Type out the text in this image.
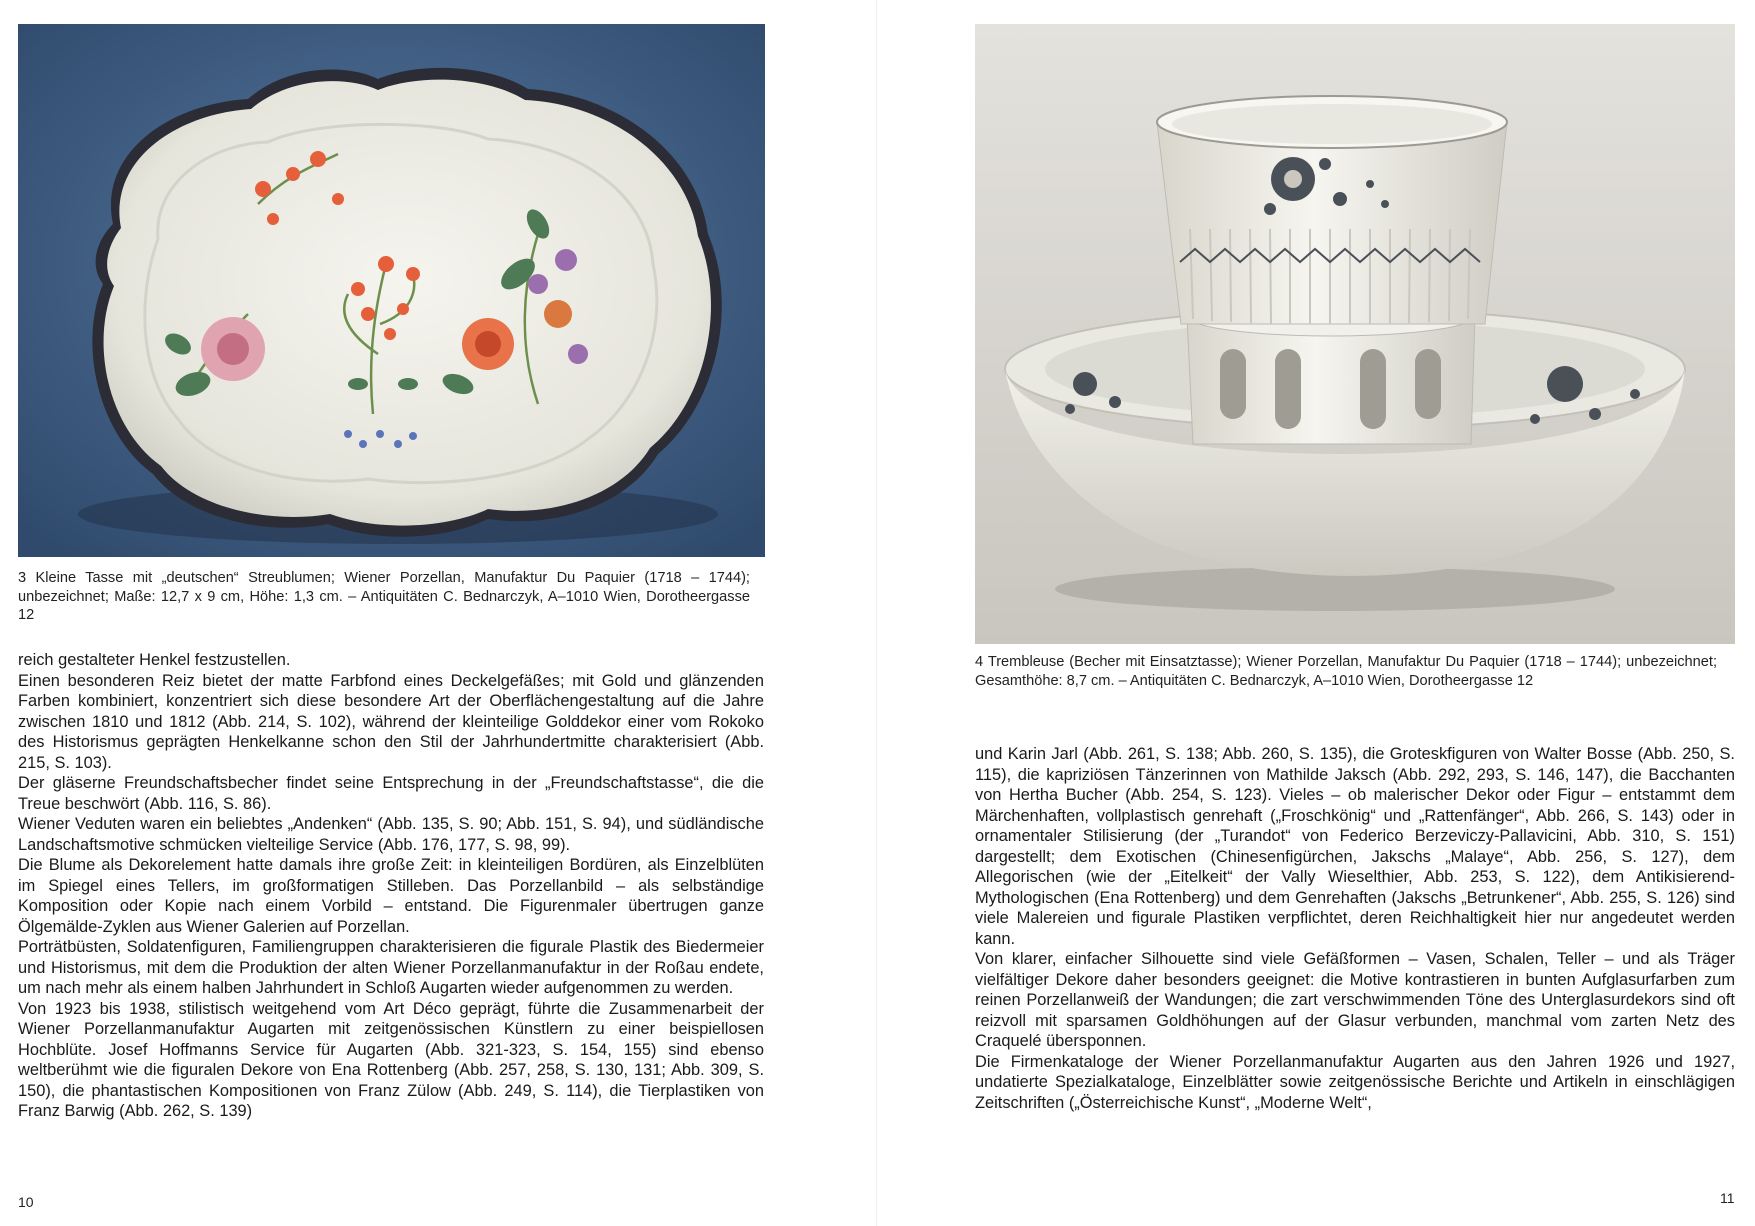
3 Kleine Tasse mit „deutschen“ Streublumen; Wiener Porzellan, Manufaktur Du Paquier (1718 – 1744); unbezeichnet; Maße: 12,7 x 9 cm, Höhe: 1,3 cm. – Antiquitäten C. Bednarczyk, A–1010 Wien, Dorotheergasse 12

reich gestalteter Henkel festzustellen.

Einen besonderen Reiz bietet der matte Farbfond eines Deckelgefäßes; mit Gold und glänzenden Farben kombiniert, konzentriert sich diese besondere Art der Oberflächengestaltung auf die Jahre zwischen 1810 und 1812 (Abb. 214, S. 102), während der kleinteilige Golddekor einer vom Rokoko des Historismus geprägten Henkelkanne schon den Stil der Jahrhundertmitte charakterisiert (Abb. 215, S. 103).

Der gläserne Freundschaftsbecher findet seine Entsprechung in der „Freundschaftstasse“, die die Treue beschwört (Abb. 116, S. 86).

Wiener Veduten waren ein beliebtes „Andenken“ (Abb. 135, S. 90; Abb. 151, S. 94), und südländische Landschaftsmotive schmücken vielteilige Service (Abb. 176, 177, S. 98, 99).

Die Blume als Dekorelement hatte damals ihre große Zeit: in kleinteiligen Bordüren, als Einzelblüten im Spiegel eines Tellers, im großformatigen Stilleben. Das Porzellanbild – als selbständige Komposition oder Kopie nach einem Vorbild – entstand. Die Figurenmaler übertrugen ganze Ölgemälde-Zyklen aus Wiener Galerien auf Porzellan.

Porträtbüsten, Soldatenfiguren, Familiengruppen charakterisieren die figurale Plastik des Biedermeier und Historismus, mit dem die Produktion der alten Wiener Porzellanmanufaktur in der Roßau endete, um nach mehr als einem halben Jahrhundert in Schloß Augarten wieder aufgenommen zu werden.

Von 1923 bis 1938, stilistisch weitgehend vom Art Déco geprägt, führte die Zusammenarbeit der Wiener Porzellanmanufaktur Augarten mit zeitgenössischen Künstlern zu einer beispiellosen Hochblüte. Josef Hoffmanns Service für Augarten (Abb. 321-323, S. 154, 155) sind ebenso weltberühmt wie die figuralen Dekore von Ena Rottenberg (Abb. 257, 258, S. 130, 131; Abb. 309, S. 150), die phantastischen Kompositionen von Franz Zülow (Abb. 249, S. 114), die Tierplastiken von Franz Barwig (Abb. 262, S. 139)

10

4 Trembleuse (Becher mit Einsatztasse); Wiener Porzellan, Manufaktur Du Paquier (1718 – 1744); unbezeichnet; Gesamthöhe: 8,7 cm. – Antiquitäten C. Bednarczyk, A–1010 Wien, Dorotheergasse 12

und Karin Jarl (Abb. 261, S. 138; Abb. 260, S. 135), die Groteskfiguren von Walter Bosse (Abb. 250, S. 115), die kapriziösen Tänzerinnen von Mathilde Jaksch (Abb. 292, 293, S. 146, 147), die Bacchanten von Hertha Bucher (Abb. 254, S. 123). Vieles – ob malerischer Dekor oder Figur – entstammt dem Märchenhaften, vollplastisch genrehaft („Froschkönig“ und „Rattenfänger“, Abb. 266, S. 143) oder in ornamentaler Stilisierung (der „Turandot“ von Federico Berzeviczy-Pallavicini, Abb. 310, S. 151) dargestellt; dem Exotischen (Chinesenfigürchen, Jakschs „Malaye“, Abb. 256, S. 127), dem Allegorischen (wie der „Eitelkeit“ der Vally Wieselthier, Abb. 253, S. 122), dem Antikisierend-Mythologischen (Ena Rottenberg) und dem Genrehaften (Jakschs „Betrunkener“, Abb. 255, S. 126) sind viele Malereien und figurale Plastiken verpflichtet, deren Reichhaltigkeit hier nur angedeutet werden kann.

Von klarer, einfacher Silhouette sind viele Gefäßformen – Vasen, Schalen, Teller – und als Träger vielfältiger Dekore daher besonders geeignet: die Motive kontrastieren in bunten Aufglasurfarben zum reinen Porzellanweiß der Wandungen; die zart verschwimmenden Töne des Unterglasurdekors sind oft reizvoll mit sparsamen Goldhöhungen auf der Glasur verbunden, manchmal vom zarten Netz des Craquelé übersponnen.

Die Firmenkataloge der Wiener Porzellanmanufaktur Augarten aus den Jahren 1926 und 1927, undatierte Spezialkataloge, Einzelblätter sowie zeitgenössische Berichte und Artikeln in einschlägigen Zeitschriften („Österreichische Kunst“, „Moderne Welt“,

11
